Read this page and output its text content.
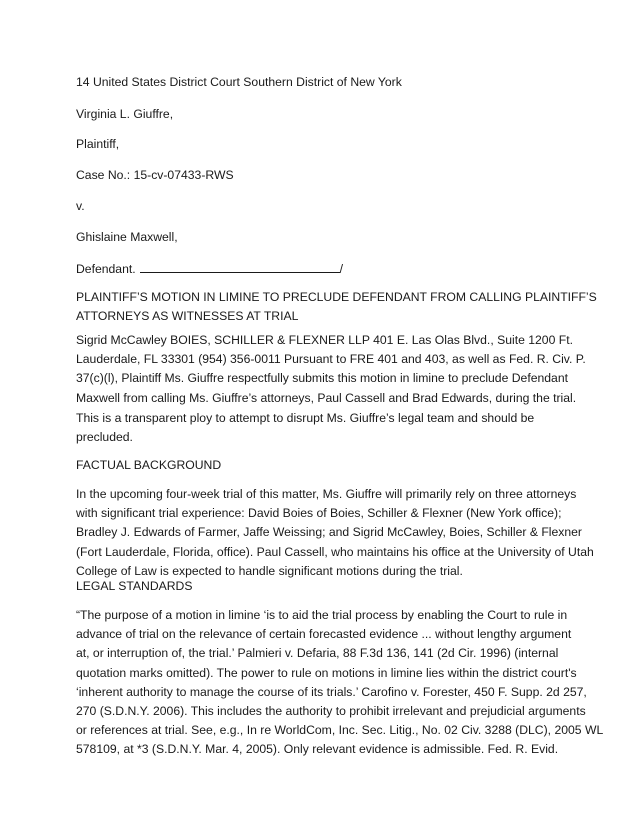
14 United States District Court Southern District of New York

Virginia L. Giuffre,

Plaintiff,

Case No.: 15-cv-07433-RWS

v.

Ghislaine Maxwell,

Defendant.	/

PLAINTIFF’S MOTION IN LIMINE TO PRECLUDE DEFENDANT FROM CALLING PLAINTIFF’S
ATTORNEYS AS WITNESSES AT TRIAL
Sigrid McCawley BOIES, SCHILLER & FLEXNER LLP 401 E. Las Olas Blvd., Suite 1200 Ft.
Lauderdale, FL 33301 (954) 356-0011 Pursuant to FRE 401 and 403, as well as Fed. R. Civ. P.
37(c)(l), Plaintiff Ms. Giuffre respectfully submits this motion in limine to preclude Defendant
Maxwell from calling Ms. Giuffre’s attorneys, Paul Cassell and Brad Edwards, during the trial.
This is a transparent ploy to attempt to disrupt Ms. Giuffre’s legal team and should be
precluded.

FACTUAL BACKGROUND

In the upcoming four-week trial of this matter, Ms. Giuffre will primarily rely on three attorneys
with significant trial experience: David Boies of Boies, Schiller & Flexner (New York office);
Bradley J. Edwards of Farmer, Jaffe Weissing; and Sigrid McCawley, Boies, Schiller & Flexner
(Fort Lauderdale, Florida, office). Paul Cassell, who maintains his office at the University of Utah
College of Law is expected to handle significant motions during the trial.

LEGAL STANDARDS

“The purpose of a motion in limine ‘is to aid the trial process by enabling the Court to rule in
advance of trial on the relevance of certain forecasted evidence ... without lengthy argument
at, or interruption of, the trial.’ Palmieri v. Defaria, 88 F.3d 136, 141 (2d Cir. 1996) (internal
quotation marks omitted). The power to rule on motions in limine lies within the district court's
‘inherent authority to manage the course of its trials.’ Carofino v. Forester, 450 F. Supp. 2d 257,
270 (S.D.N.Y. 2006). This includes the authority to prohibit irrelevant and prejudicial arguments
or references at trial. See, e.g., In re WorldCom, Inc. Sec. Litig., No. 02 Civ. 3288 (DLC), 2005 WL
578109, at *3 (S.D.N.Y. Mar. 4, 2005). Only relevant evidence is admissible. Fed. R. Evid.
